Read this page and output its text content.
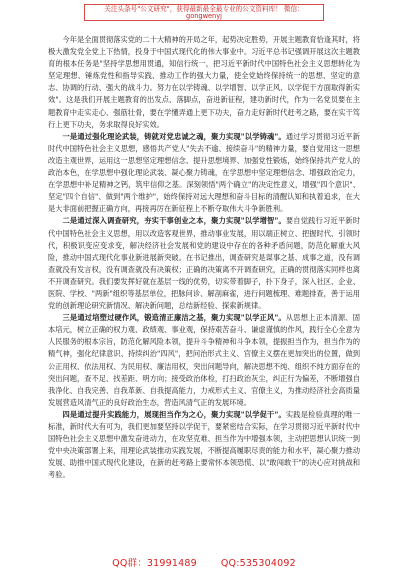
关注头条号"公文研究"，获得最新最全最专业的公文资料库！ 微信：gongwenyj

今年是全面贯彻落实党的二十大精神的开局之年，起势决定胜势，开展主题教育恰逢其时，将极大激发党全党上下热情，投身于中国式现代化的伟大事业中。习近平总书记强调开展这次主题教育的根本任务是"坚持学思想用贯通，知信行统一，把习近平新时代中国特色社会主义思想转化为坚定理想、锤炼党性和指导实践、推动工作的强大力量，使全党始终保持统一的思想、坚定的意志、协调的行动、强大的战斗力。努力在以学铸魂、以学增智、以学正风、以学促干方面取得新实效"。这是我们开展主题教育的出发点、落脚点，奋进新征程，建功新时代，作为一名党员要在主题教育中走实走心、强筋壮骨，要在学懂弄通上更下功夫，奋力走好新时代赶考之路，要在实干笃行上更下功夫，务求取得良好实效。

一是通过强化理论武装，铸就对党忠诚之魂，聚力实现"以学铸魂"。通过学习贯彻习近平新时代中国特色社会主义思想，感悟共产党人"失去不逾、接续奋斗"的精神力量，要自觉用这一思想改造主观世界，运用这一思想坚定理想信念、提升思想境界、加强党性锻炼，始终保持共产党人的政治本色，在学思想中强化理论武装、凝心聚力铸魂，在学思想中坚定理想信念、增强政治定力，在学思想中补足精神之钙，筑牢信仰之基。深刻领悟"两个确立"的决定性意义，增强"四个意识"、坚定"四个自信"、做到"两个维护"，始终保持对远大理想和奋斗目标的清醒认知和执着追求，在大是大非面前把握正确方向，再接再厉在新征程上不断夺取伟大斗争新胜利。

二是通过深入调查研究，夯实干事创业之本，聚力实现"以学增智"。要自觉践行习近平新时代中国特色社会主义思想，用以改造客观世界，推动事业发展，用以端正树立、把握时代、引领时代，积极识变应变求变，解决经济社会发展和党的建设中存在的各种矛盾问题，防范化解重大风险，推动中国式现代化事业新进展新突破。在书记推出，调查研究是谋事之基、成事之道，没有调查就没有发言权，没有调查就没有决策权；正确的决策离不开调查研究，正确的贯彻落实同样也离不开调查研究。我们要发挥好就在基层一线的优势，切实带着脚子，扑下身子，深入社区、企业、医院、学校、"两新"组织等基层单位，把脉问诊、解剖麻雀，进行问题梳理、难题排查，善于运用党的创新理论研究新情况、解决新问题，总结新经验、探索新规律。

三是通过培塑过硬作风，锻造清正廉洁之基，聚力实现"以学正风"。从思想上正本清源、固本培元，树立正确的权力观、政绩观、事业观，保持艰苦奋斗、谦虚谨慎的作风，践行全心全意为人民服务的根本宗旨，防范化解风险本领，提升斗争精神和斗争本领，提振担当作为，担当作为的精气神，强化纪律意识、持续纠治"四风"，把问治形式主义、官僚主义摆在更加突出的位置，做到公正用权、依法用权、为民用权、廉洁用权，突出问题导向，解决思想不纯、组织不纯方面存在的突出问题，查不足、找差距、明方向；接受政治体检，打扫政治灰尘，纠正行为偏差，不断增强自我净化、自我完善、自我革新、自我提高能力，力戒形式主义、官僚主义，为推动经济社会高质量发展营造风清气正的良好政治生态，营造风清气正的发展环境。

四是通过提升实践能力，展现担当作为之心，聚力实现"以学促干"。实践是检验真理的唯一标准，新时代大有可为，我们更加要坚持以学促干，要紧密结合实际，在学习贯彻习近平新时代中国特色社会主义思想中激发奋进动力，在攻坚克难、担当作为中增强本领，主动把思想认识统一到党中央决策部署上来，用理论武装推动实践发展，不断提高履职尽责的能力和水平，凝心聚力推动发展、助推中国式现代化建设，在新的赶考路上要常怀本领恐慌、以"敢闯敢干"的决心应对挑战和考验。

QQ群：31991489	QQ:535304092
